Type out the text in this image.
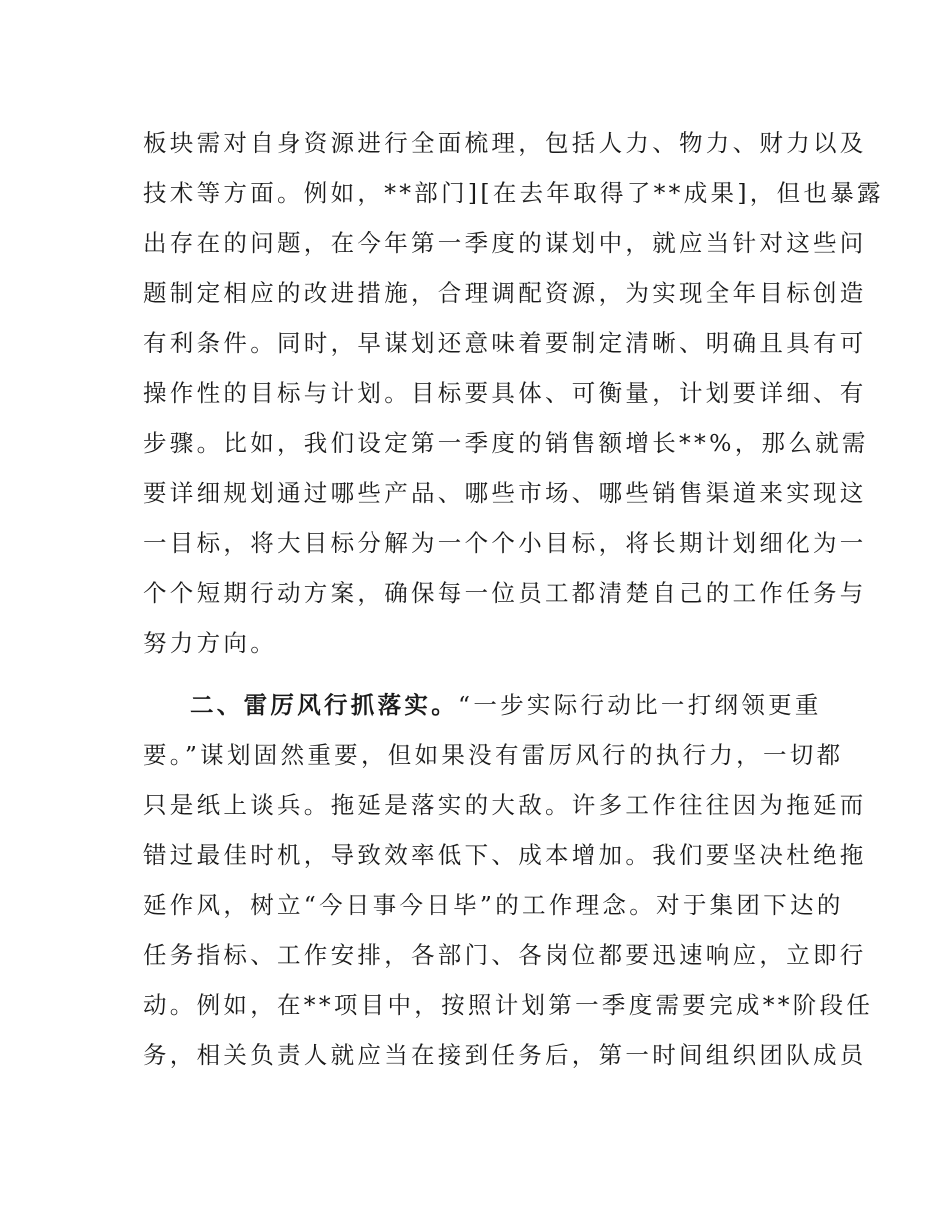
板块需对自身资源进行全面梳理，包括人力、物力、财力以及
技术等方面。例如，**部门][在去年取得了**成果]，但也暴露
出存在的问题，在今年第一季度的谋划中，就应当针对这些问
题制定相应的改进措施，合理调配资源，为实现全年目标创造
有利条件。同时，早谋划还意味着要制定清晰、明确且具有可
操作性的目标与计划。目标要具体、可衡量，计划要详细、有
步骤。比如，我们设定第一季度的销售额增长**%，那么就需
要详细规划通过哪些产品、哪些市场、哪些销售渠道来实现这
一目标，将大目标分解为一个个小目标，将长期计划细化为一
个个短期行动方案，确保每一位员工都清楚自己的工作任务与
努力方向。
二、雷厉风行抓落实。“一步实际行动比一打纲领更重
要。”谋划固然重要，但如果没有雷厉风行的执行力，一切都
只是纸上谈兵。拖延是落实的大敌。许多工作往往因为拖延而
错过最佳时机，导致效率低下、成本增加。我们要坚决杜绝拖
延作风，树立“今日事今日毕”的工作理念。对于集团下达的
任务指标、工作安排，各部门、各岗位都要迅速响应，立即行
动。例如，在**项目中，按照计划第一季度需要完成**阶段任
务，相关负责人就应当在接到任务后，第一时间组织团队成员
